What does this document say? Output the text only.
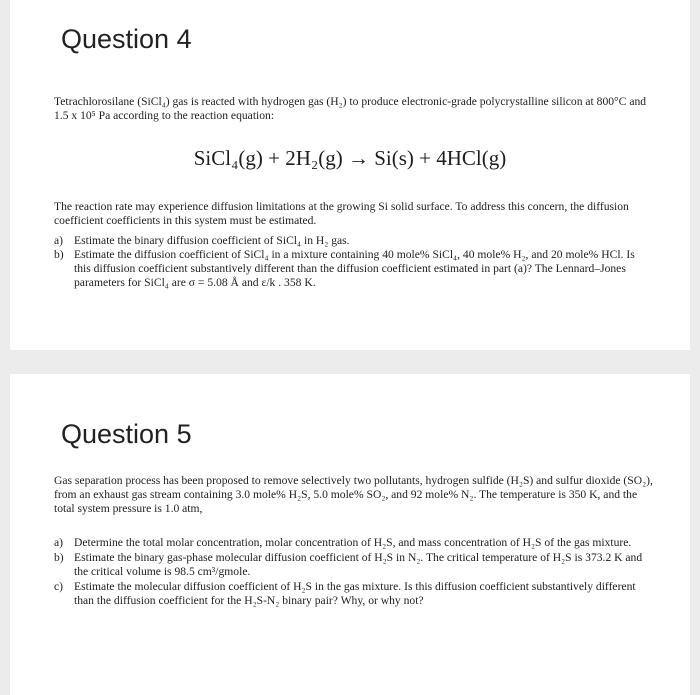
Question 4

Tetrachlorosilane (SiCl₄) gas is reacted with hydrogen gas (H₂) to produce electronic-grade polycrystalline silicon at 800°C and 1.5 x 10⁵ Pa according to the reaction equation:

SiCl₄(g) + 2H₂(g) → Si(s) + 4HCl(g)

The reaction rate may experience diffusion limitations at the growing Si solid surface. To address this concern, the diffusion coefficient coefficients in this system must be estimated.

a) Estimate the binary diffusion coefficient of SiCl₄ in H₂ gas.
b) Estimate the diffusion coefficient of SiCl₄ in a mixture containing 40 mole% SiCl₄, 40 mole% H₂, and 20 mole% HCl. Is this diffusion coefficient substantively different than the diffusion coefficient estimated in part (a)? The Lennard–Jones parameters for SiCl₄ are σ = 5.08 Å and ε/k . 358 K.
Question 5

Gas separation process has been proposed to remove selectively two pollutants, hydrogen sulfide (H₂S) and sulfur dioxide (SO₂), from an exhaust gas stream containing 3.0 mole% H₂S, 5.0 mole% SO₂, and 92 mole% N₂. The temperature is 350 K, and the total system pressure is 1.0 atm,

a) Determine the total molar concentration, molar concentration of H₂S, and mass concentration of H₂S of the gas mixture.
b) Estimate the binary gas-phase molecular diffusion coefficient of H₂S in N₂. The critical temperature of H₂S is 373.2 K and the critical volume is 98.5 cm³/gmole.
c) Estimate the molecular diffusion coefficient of H₂S in the gas mixture. Is this diffusion coefficient substantively different than the diffusion coefficient for the H₂S-N₂ binary pair? Why, or why not?
